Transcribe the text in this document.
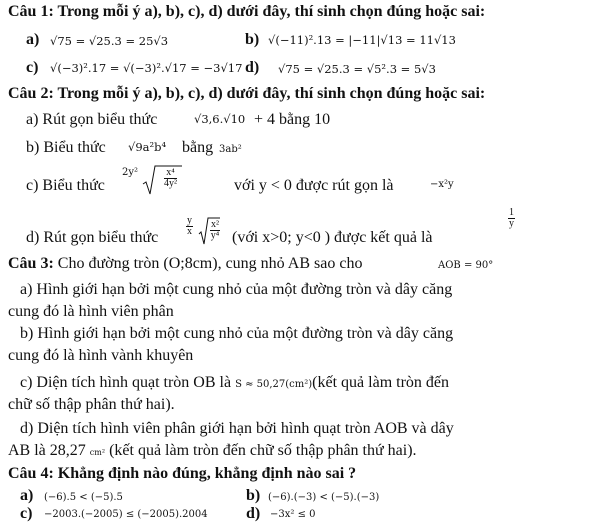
Câu 1: Trong mỗi ý a), b), c), d) dưới đây, thí sinh chọn đúng hoặc sai:
a) √75 = √25.3 = 25√3	b) √(−11)².13 = |−11|√13 = 11√13
c) √(−3)².17 = √(−3)².√17 = −3√17 d) √75 = √25.3 = √5².3 = 5√3
Câu 2: Trong mỗi ý a), b), c), d) dưới đây, thí sinh chọn đúng hoặc sai:
a) Rút gọn biểu thức	√3,6.√10 + 4 bằng 10
b) Biểu thức √9a²b⁴ bằng 3ab²
c) Biểu thức
$^{2y^2}$	$\frac{\text{x⁴}}{\text{4y²}}$	với y < 0 được rút gọn là	−x²y
d) Rút gọn biểu thức
$\frac{y}{x}$
$\frac{\text{x²}}{\text{y⁴}}$ (với x>0; y<0 ) được kết quả là
$\frac{1}{y}$
Câu 3: Cho đường tròn (O;8cm), cung nhỏ AB sao cho	AOB = 90°
a) Hình giới hạn bởi một cung nhỏ của một đường tròn và dây căng
cung đó là hình viên phân
b) Hình giới hạn bởi một cung nhỏ của một đường tròn và dây căng
cung đó là hình vành khuyên
c) Diện tích hình quạt tròn OB là S ≈ 50,27(cm²)(kết quả làm tròn đến
chữ số thập phân thứ hai).
d) Diện tích hình viên phân giới hạn bởi hình quạt tròn AOB và dây
AB là 28,27 cm² (kết quả làm tròn đến chữ số thập phân thứ hai).
Câu 4: Khẳng định nào đúng, khẳng định nào sai ?
a) (−6).5 < (−5).5	b) (−6).(−3) < (−5).(−3)
c) −2003.(−2005) ≤ (−2005).2004 d) −3x² ≤ 0
